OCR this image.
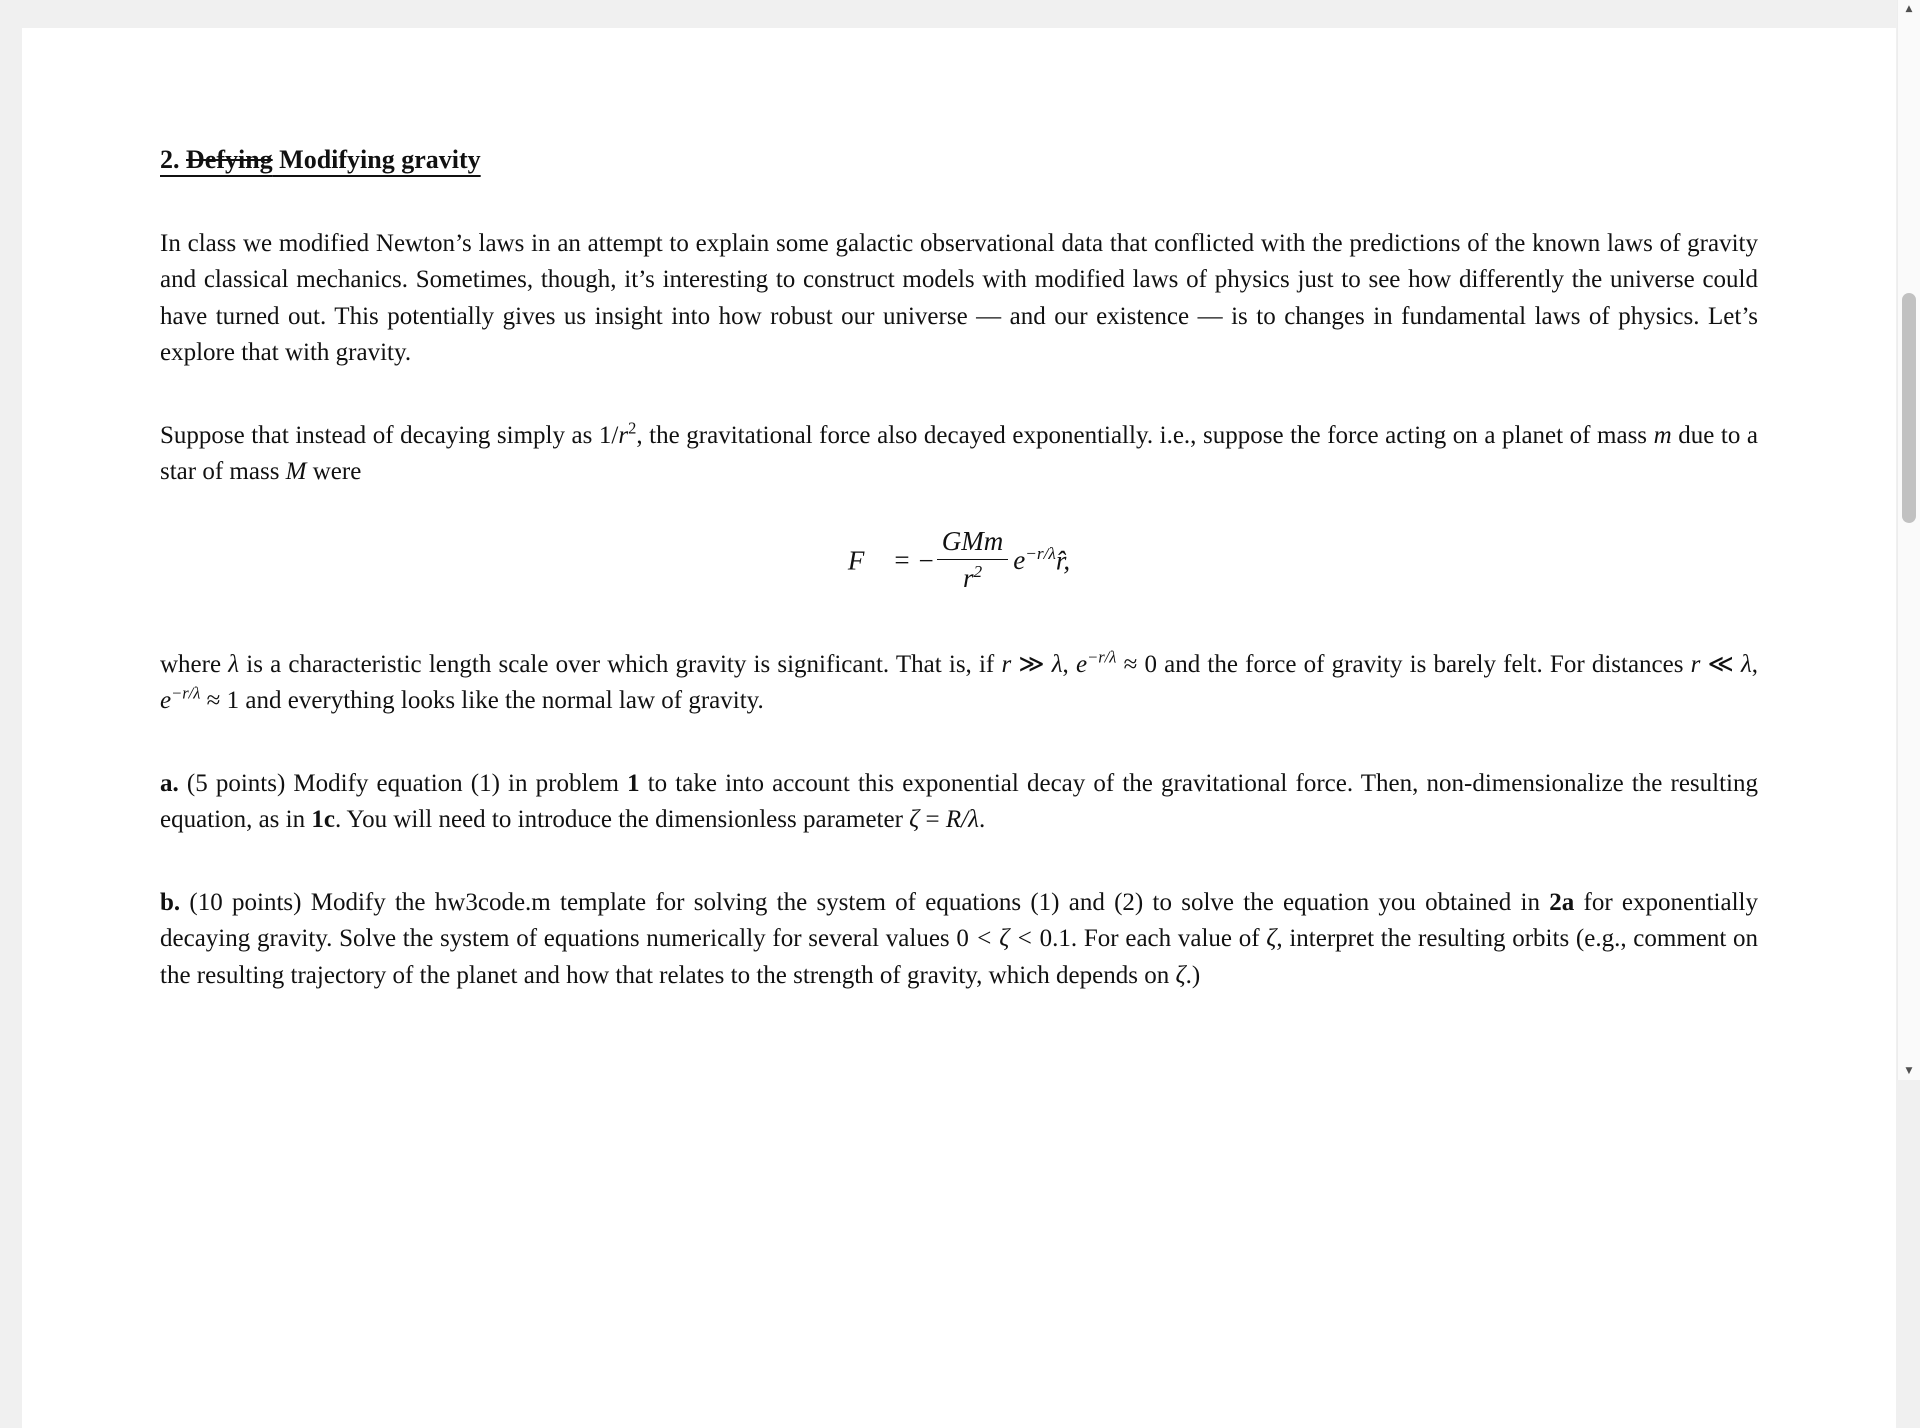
2. Defying Modifying gravity

In class we modified Newton’s laws in an attempt to explain some galactic observational data that conflicted with the predictions of the known laws of gravity and classical mechanics. Sometimes, though, it’s interesting to construct models with modified laws of physics just to see how differently the universe could have turned out. This potentially gives us insight into how robust our universe — and our existence — is to changes in fundamental laws of physics. Let’s explore that with gravity.

Suppose that instead of decaying simply as $1/r^2$, the gravitational force also decayed exponentially. i.e., suppose the force acting on a planet of mass m due to a star of mass M were

F⃗ = − $\frac{\text{GMm}}{r^2}$ $e^{-r/\lambda}r̂$,

where λ is a characteristic length scale over which gravity is significant. That is, if r ≫ λ, $e^{-r/\lambda} \approx 0$ and the force of gravity is barely felt. For distances r ≪ λ, $e^{-r/\lambda} \approx 1$ and everything looks like the normal law of gravity.

a. (5 points) Modify equation (1) in problem 1 to take into account this exponential decay of the gravitational force. Then, non-dimensionalize the resulting equation, as in 1c. You will need to introduce the dimensionless parameter ζ = R/λ.

b. (10 points) Modify the hw3code.m template for solving the system of equations (1) and (2) to solve the equation you obtained in 2a for exponentially decaying gravity. Solve the system of equations numerically for several values 0 < ζ < 0.1. For each value of ζ, interpret the resulting orbits (e.g., comment on the resulting trajectory of the planet and how that relates to the strength of gravity, which depends on ζ.)

▲
▼
